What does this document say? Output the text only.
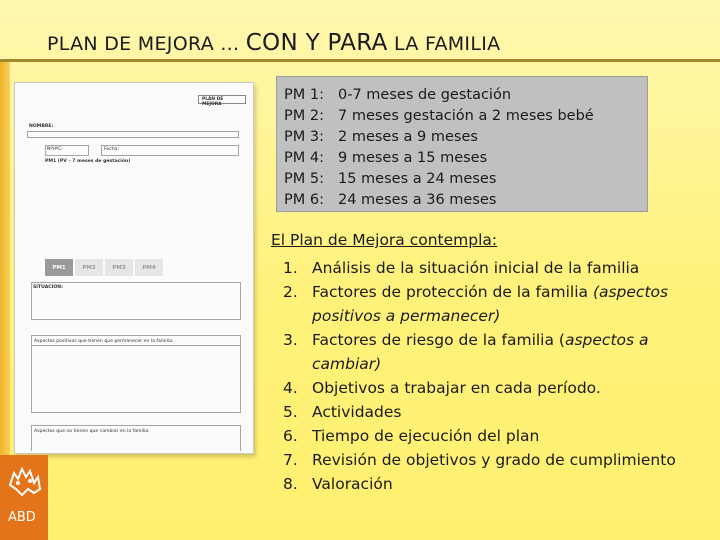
PLAN DE MEJORA ... CON Y PARA LA FAMILIA
PLAN DE MEJORA
NOMBRE:
NºHºC:	Fecha:
PM1 (PV – 7 meses de gestación)
PM1	PM2	PM3	PM4
SITUACION:
Aspectos positivos que tienen que permanecer en la familia:
Aspectos que no tienen que cambiar en la familia:
PM 1: 0-7 meses de gestación
PM 2: 7 meses gestación a 2 meses bebé
PM 3: 2 meses a 9 meses
PM 4: 9 meses a 15 meses
PM 5: 15 meses a 24 meses
PM 6: 24 meses a 36 meses
El Plan de Mejora contempla:
1. Análisis de la situación inicial de la familia
2. Factores de protección de la familia (aspectos positivos a permanecer)
3. Factores de riesgo de la familia (aspectos a cambiar)
4. Objetivos a trabajar en cada período.
5. Actividades
6. Tiempo de ejecución del plan
7. Revisión de objetivos y grado de cumplimiento
8. Valoración
ABD
